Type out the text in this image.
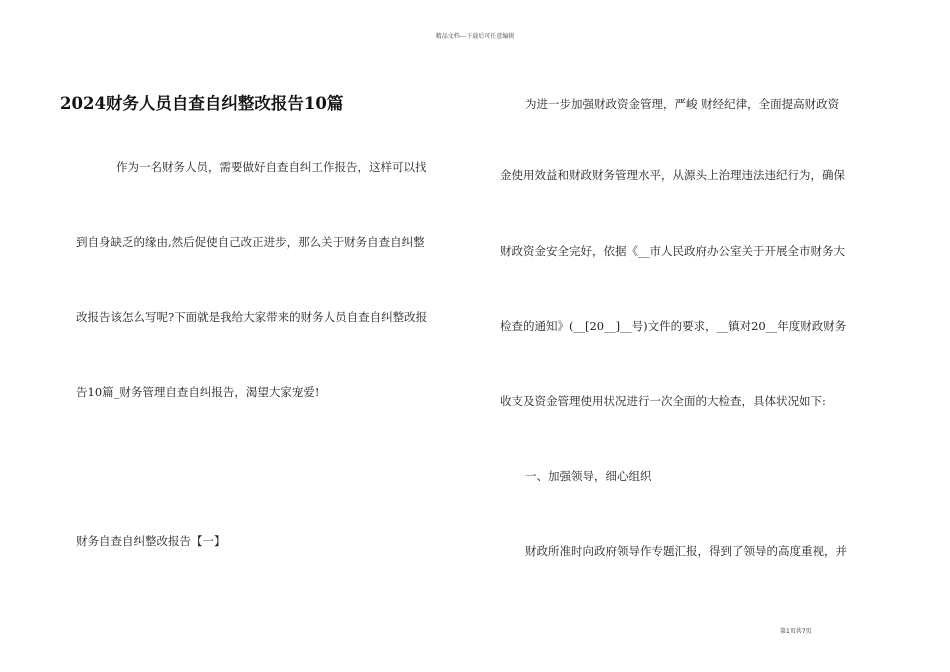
精品文档---下载后可任意编辑
2024财务人员自查自纠整改报告10篇
作为一名财务人员，需要做好自查自纠工作报告，这样可以找
到自身缺乏的缘由,然后促使自己改正进步，那么关于财务自查自纠整
改报告该怎么写呢?下面就是我给大家带来的财务人员自查自纠整改报
告10篇_财务管理自查自纠报告，渴望大家宠爱!
财务自查自纠整改报告【一】
为进一步加强财政资金管理，严峻 财经纪律，全面提高财政资
金使用效益和财政财务管理水平，从源头上治理违法违纪行为，确保
财政资金安全完好，依据《__市人民政府办公室关于开展全市财务大
检查的通知》(__[20__]__号)文件的要求，__镇对20__年度财政财务
收支及资金管理使用状况进行一次全面的大检查，具体状况如下:
一、加强领导，细心组织
财政所准时向政府领导作专题汇报，得到了领导的高度重视，并
第1页共7页
